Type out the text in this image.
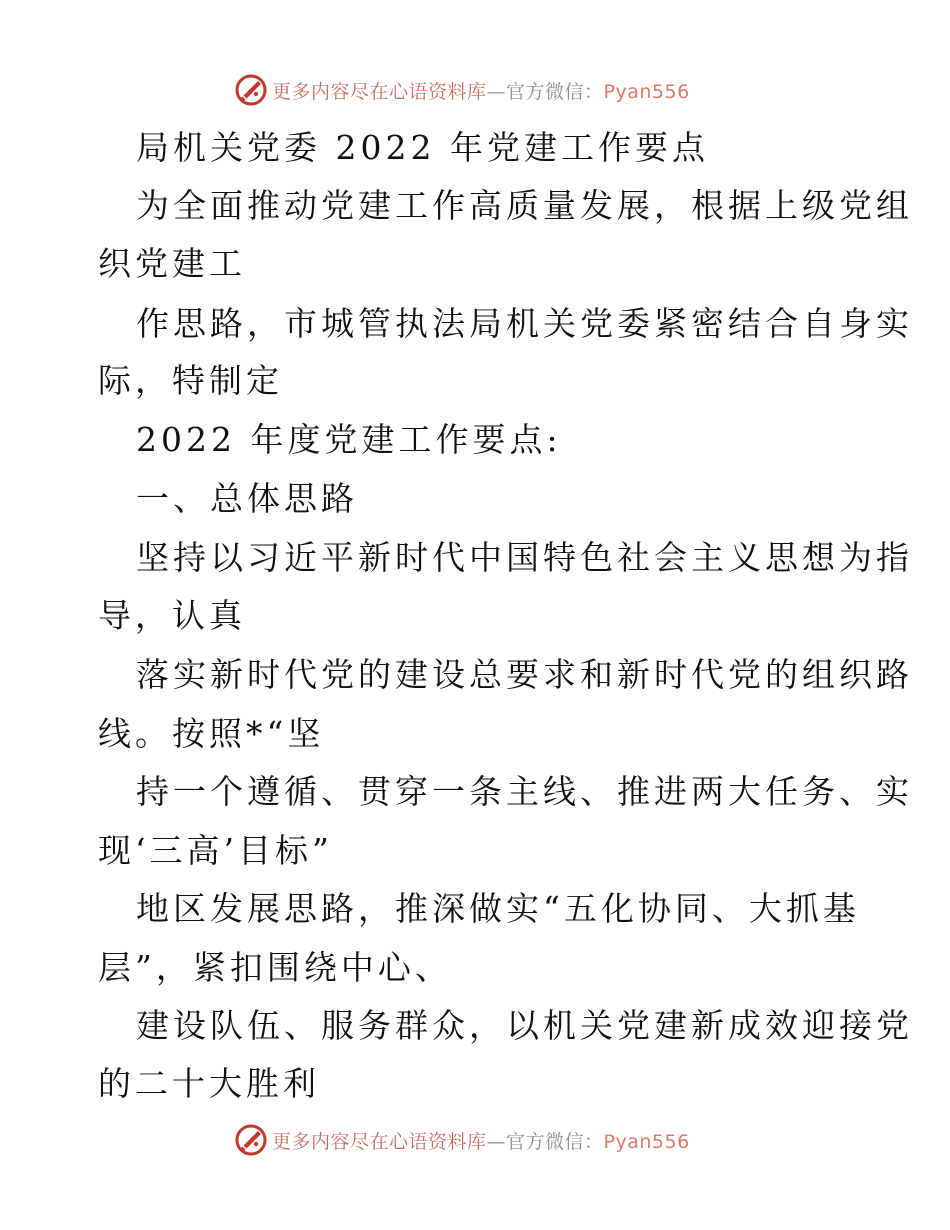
更多内容尽在心语资料库—官方微信：Pyan556
局机关党委 2022 年党建工作要点
为全面推动党建工作高质量发展，根据上级党组
织党建工
作思路，市城管执法局机关党委紧密结合自身实
际，特制定
2022 年度党建工作要点:
一、总体思路
坚持以习近平新时代中国特色社会主义思想为指
导，认真
落实新时代党的建设总要求和新时代党的组织路
线。按照*“坚
持一个遵循、贯穿一条主线、推进两大任务、实
现‘三高’目标”
地区发展思路，推深做实“五化协同、大抓基
层”，紧扣围绕中心、
建设队伍、服务群众，以机关党建新成效迎接党
的二十大胜利
更多内容尽在心语资料库—官方微信：Pyan556
